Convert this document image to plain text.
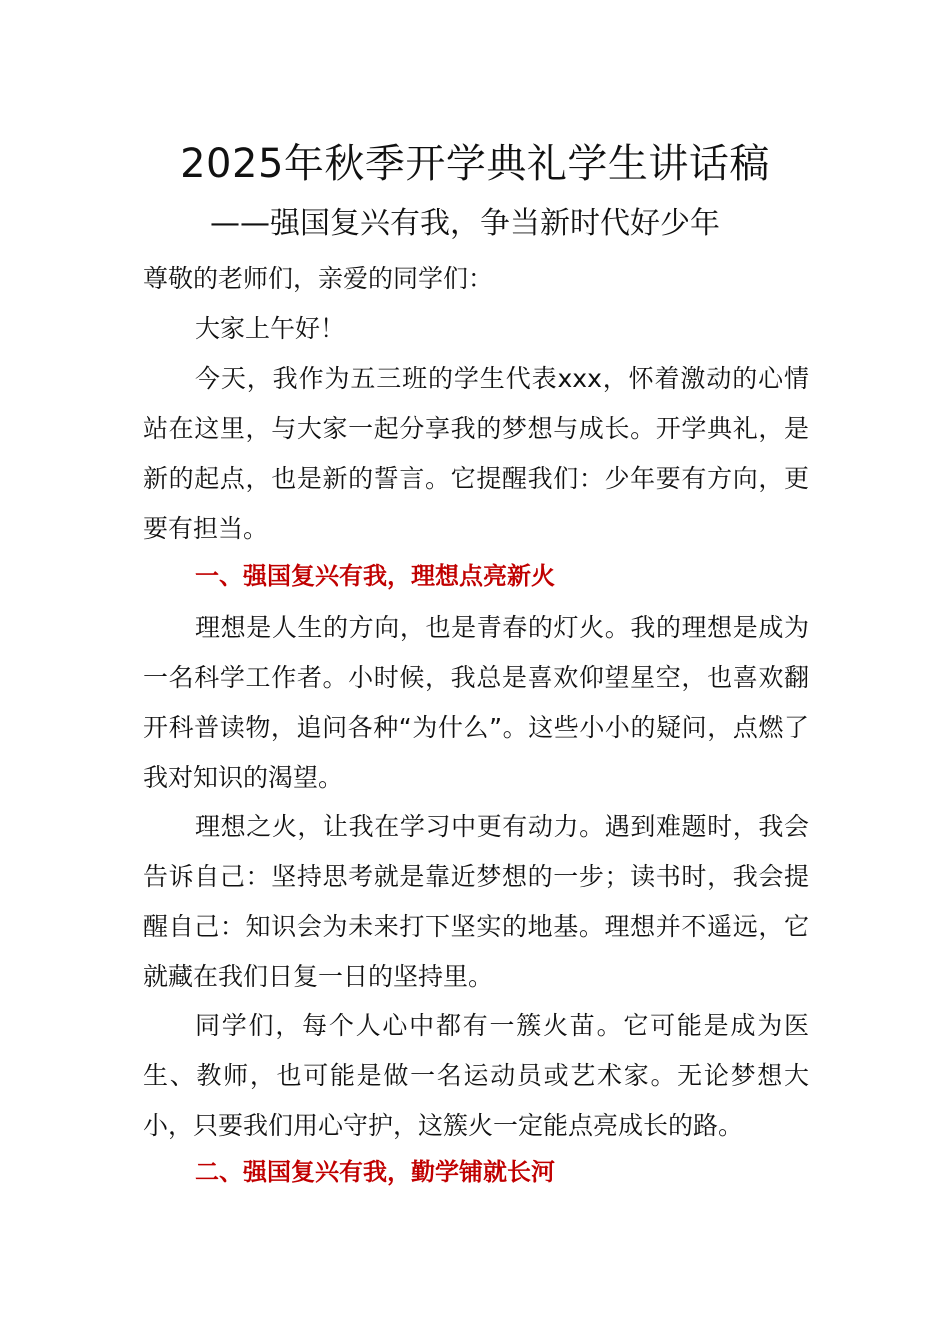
2025年秋季开学典礼学生讲话稿
——强国复兴有我，争当新时代好少年
尊敬的老师们，亲爱的同学们：
大家上午好！
今天，我作为五三班的学生代表xxx，怀着激动的心情站在这里，与大家一起分享我的梦想与成长。开学典礼，是新的起点，也是新的誓言。它提醒我们：少年要有方向，更要有担当。
一、强国复兴有我，理想点亮新火
理想是人生的方向，也是青春的灯火。我的理想是成为一名科学工作者。小时候，我总是喜欢仰望星空，也喜欢翻开科普读物，追问各种“为什么”。这些小小的疑问，点燃了我对知识的渴望。
理想之火，让我在学习中更有动力。遇到难题时，我会告诉自己：坚持思考就是靠近梦想的一步；读书时，我会提醒自己：知识会为未来打下坚实的地基。理想并不遥远，它就藏在我们日复一日的坚持里。
同学们，每个人心中都有一簇火苗。它可能是成为医生、教师，也可能是做一名运动员或艺术家。无论梦想大小，只要我们用心守护，这簇火一定能点亮成长的路。
二、强国复兴有我，勤学铺就长河
